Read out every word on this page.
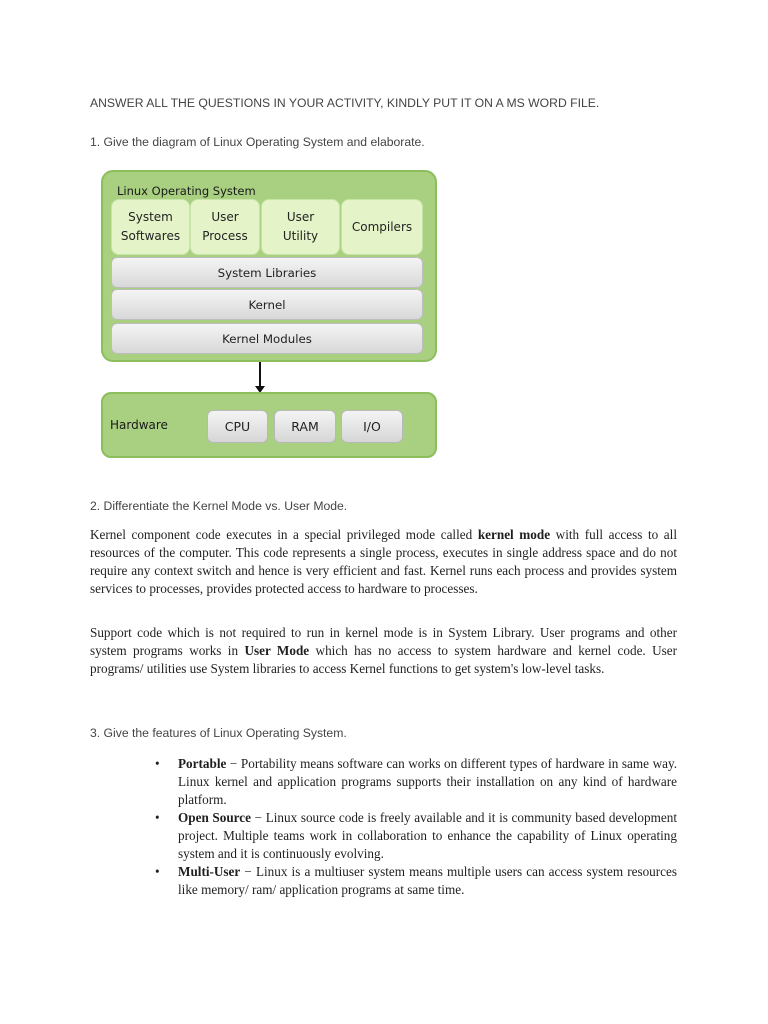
ANSWER ALL THE QUESTIONS IN YOUR ACTIVITY, KINDLY PUT IT ON A MS WORD FILE.
1. Give the diagram of Linux Operating System and elaborate.
Linux Operating System
System
Softwares
User
Process
User
Utility
Compilers
System Libraries
Kernel
Kernel Modules
Hardware	CPU	RAM	I/O
2. Differentiate the Kernel Mode vs. User Mode.

Kernel component code executes in a special privileged mode called kernel mode with full access to all resources of the computer. This code represents a single process, executes in single address space and do not require any context switch and hence is very efficient and fast. Kernel runs each process and provides system services to processes, provides protected access to hardware to processes.

Support code which is not required to run in kernel mode is in System Library. User programs and other system programs works in User Mode which has no access to system hardware and kernel code. User programs/ utilities use System libraries to access Kernel functions to get system's low-level tasks.

3. Give the features of Linux Operating System.
• Portable − Portability means software can works on different types of hardware in same way. Linux kernel and application programs supports their installation on any kind of hardware platform.
• Open Source − Linux source code is freely available and it is community based development project. Multiple teams work in collaboration to enhance the capability of Linux operating system and it is continuously evolving.
• Multi-User − Linux is a multiuser system means multiple users can access system resources like memory/ ram/ application programs at same time.
